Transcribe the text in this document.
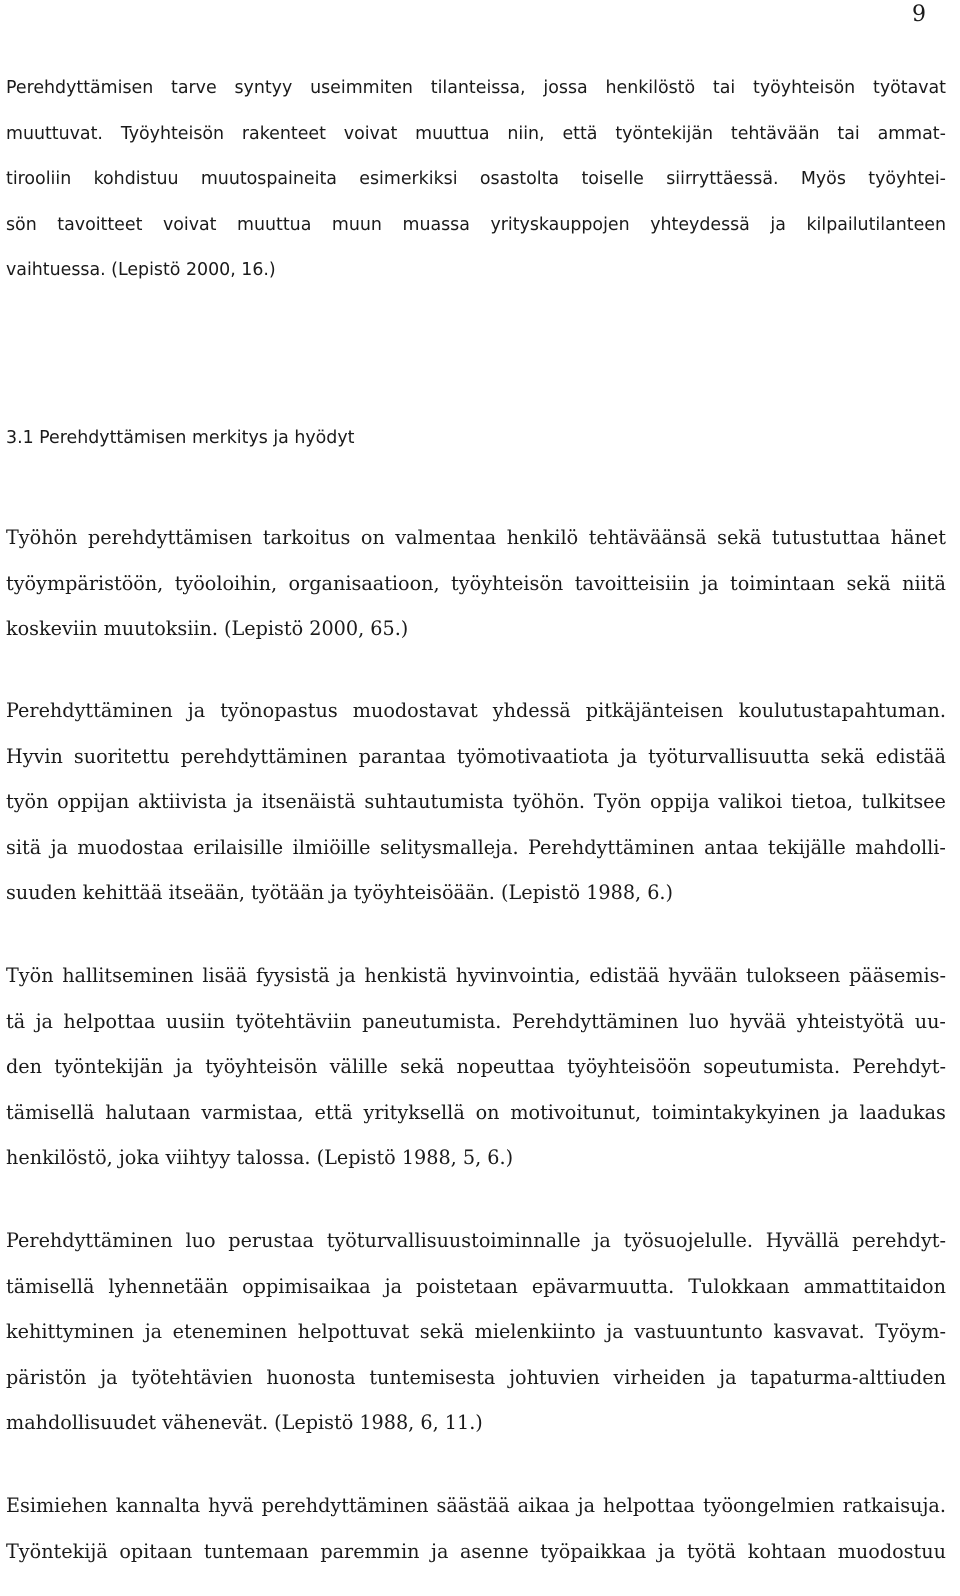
9
Perehdyttämisen tarve syntyy useimmiten tilanteissa, jossa henkilöstö tai työyhteisön työtavat
muuttuvat. Työyhteisön rakenteet voivat muuttua niin, että työntekijän tehtävään tai ammat-
tirooliin kohdistuu muutospaineita esimerkiksi osastolta toiselle siirryttäessä. Myös työyhtei-
sön tavoitteet voivat muuttua muun muassa yrityskauppojen yhteydessä ja kilpailutilanteen
vaihtuessa. (Lepistö 2000, 16.)
3.1 Perehdyttämisen merkitys ja hyödyt
Työhön perehdyttämisen tarkoitus on valmentaa henkilö tehtäväänsä sekä tutustuttaa hänet
työympäristöön, työoloihin, organisaatioon, työyhteisön tavoitteisiin ja toimintaan sekä niitä
koskeviin muutoksiin. (Lepistö 2000, 65.)
Perehdyttäminen ja työnopastus muodostavat yhdessä pitkäjänteisen koulutustapahtuman.
Hyvin suoritettu perehdyttäminen parantaa työmotivaatiota ja työturvallisuutta sekä edistää
työn oppijan aktiivista ja itsenäistä suhtautumista työhön. Työn oppija valikoi tietoa, tulkitsee
sitä ja muodostaa erilaisille ilmiöille selitysmalleja. Perehdyttäminen antaa tekijälle mahdolli-
suuden kehittää itseään, työtään ja työyhteisöään. (Lepistö 1988, 6.)
Työn hallitseminen lisää fyysistä ja henkistä hyvinvointia, edistää hyvään tulokseen pääsemis-
tä ja helpottaa uusiin työtehtäviin paneutumista. Perehdyttäminen luo hyvää yhteistyötä uu-
den työntekijän ja työyhteisön välille sekä nopeuttaa työyhteisöön sopeutumista. Perehdyt-
tämisellä halutaan varmistaa, että yrityksellä on motivoitunut, toimintakykyinen ja laadukas
henkilöstö, joka viihtyy talossa. (Lepistö 1988, 5, 6.)
Perehdyttäminen luo perustaa työturvallisuustoiminnalle ja työsuojelulle. Hyvällä perehdyt-
tämisellä lyhennetään oppimisaikaa ja poistetaan epävarmuutta. Tulokkaan ammattitaidon
kehittyminen ja eteneminen helpottuvat sekä mielenkiinto ja vastuuntunto kasvavat. Työym-
päristön ja työtehtävien huonosta tuntemisesta johtuvien virheiden ja tapaturma-alttiuden
mahdollisuudet vähenevät. (Lepistö 1988, 6, 11.)
Esimiehen kannalta hyvä perehdyttäminen säästää aikaa ja helpottaa työongelmien ratkaisuja.
Työntekijä opitaan tuntemaan paremmin ja asenne työpaikkaa ja työtä kohtaan muodostuu
